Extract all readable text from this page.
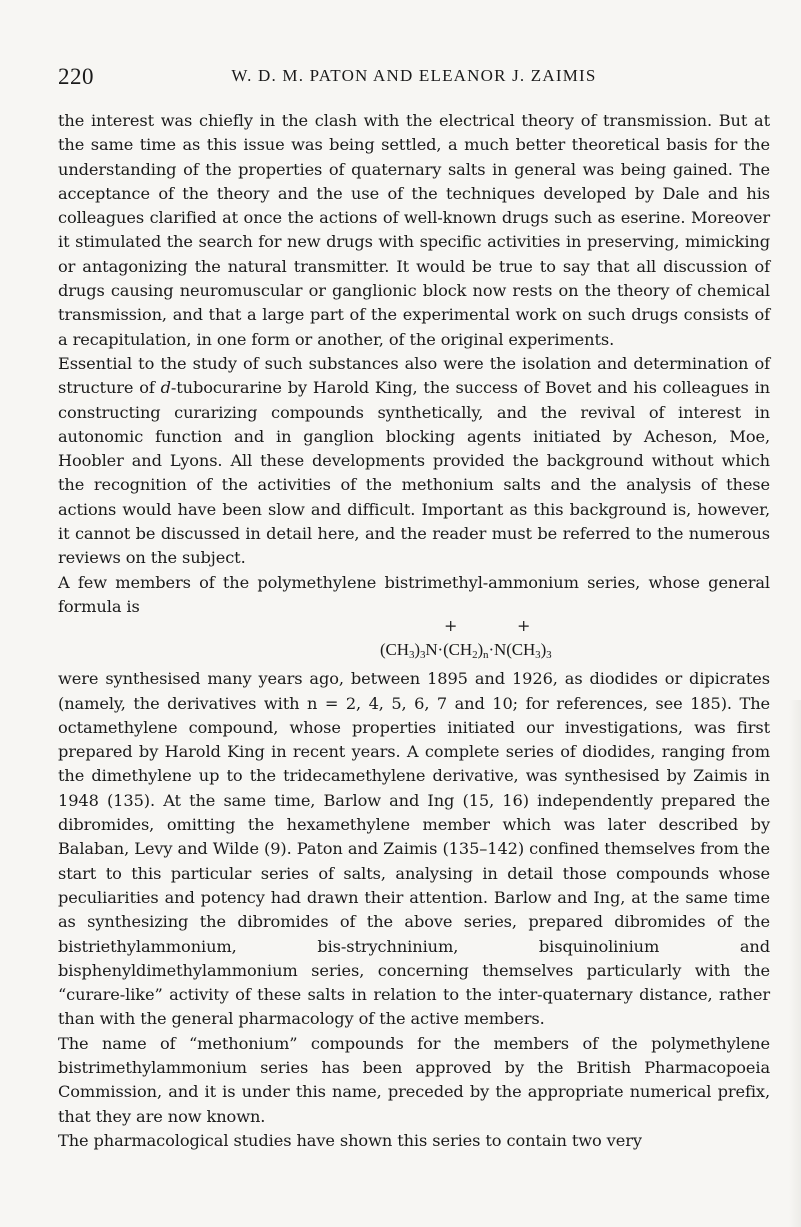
220	W. D. M. PATON AND ELEANOR J. ZAIMIS

the interest was chiefly in the clash with the electrical theory of transmission. But at the same time as this issue was being settled, a much better theoretical basis for the understanding of the properties of quaternary salts in general was being gained. The acceptance of the theory and the use of the techniques developed by Dale and his colleagues clarified at once the actions of well-known drugs such as eserine. Moreover it stimulated the search for new drugs with specific activities in preserving, mimicking or antagonizing the natural transmitter. It would be true to say that all discussion of drugs causing neuromuscular or ganglionic block now rests on the theory of chemical transmission, and that a large part of the experimental work on such drugs consists of a recapitulation, in one form or another, of the original experiments.

Essential to the study of such substances also were the isolation and determination of structure of d-tubocurarine by Harold King, the success of Bovet and his colleagues in constructing curarizing compounds synthetically, and the revival of interest in autonomic function and in ganglion blocking agents initiated by Acheson, Moe, Hoobler and Lyons. All these developments provided the background without which the recognition of the activities of the methonium salts and the analysis of these actions would have been slow and difficult. Important as this background is, however, it cannot be discussed in detail here, and the reader must be referred to the numerous reviews on the subject.

A few members of the polymethylene bistrimethyl-ammonium series, whose general formula is

+	+
$(CH_3)_3N\cdot(CH_2)_n\cdot N(CH_3)_3$

were synthesised many years ago, between 1895 and 1926, as diodides or dipicrates (namely, the derivatives with n = 2, 4, 5, 6, 7 and 10; for references, see 185). The octamethylene compound, whose properties initiated our investigations, was first prepared by Harold King in recent years. A complete series of diodides, ranging from the dimethylene up to the tridecamethylene derivative, was synthesised by Zaimis in 1948 (135). At the same time, Barlow and Ing (15, 16) independently prepared the dibromides, omitting the hexamethylene member which was later described by Balaban, Levy and Wilde (9). Paton and Zaimis (135–142) confined themselves from the start to this particular series of salts, analysing in detail those compounds whose peculiarities and potency had drawn their attention. Barlow and Ing, at the same time as synthesizing the dibromides of the above series, prepared dibromides of the bistriethylammonium, bis-strychninium, bisquinolinium and bisphenyldimethylammonium series, concerning themselves particularly with the “curare-like” activity of these salts in relation to the inter-quaternary distance, rather than with the general pharmacology of the active members.

The name of “methonium” compounds for the members of the polymethylene bistrimethylammonium series has been approved by the British Pharmacopoeia Commission, and it is under this name, preceded by the appropriate numerical prefix, that they are now known.

The pharmacological studies have shown this series to contain two very
